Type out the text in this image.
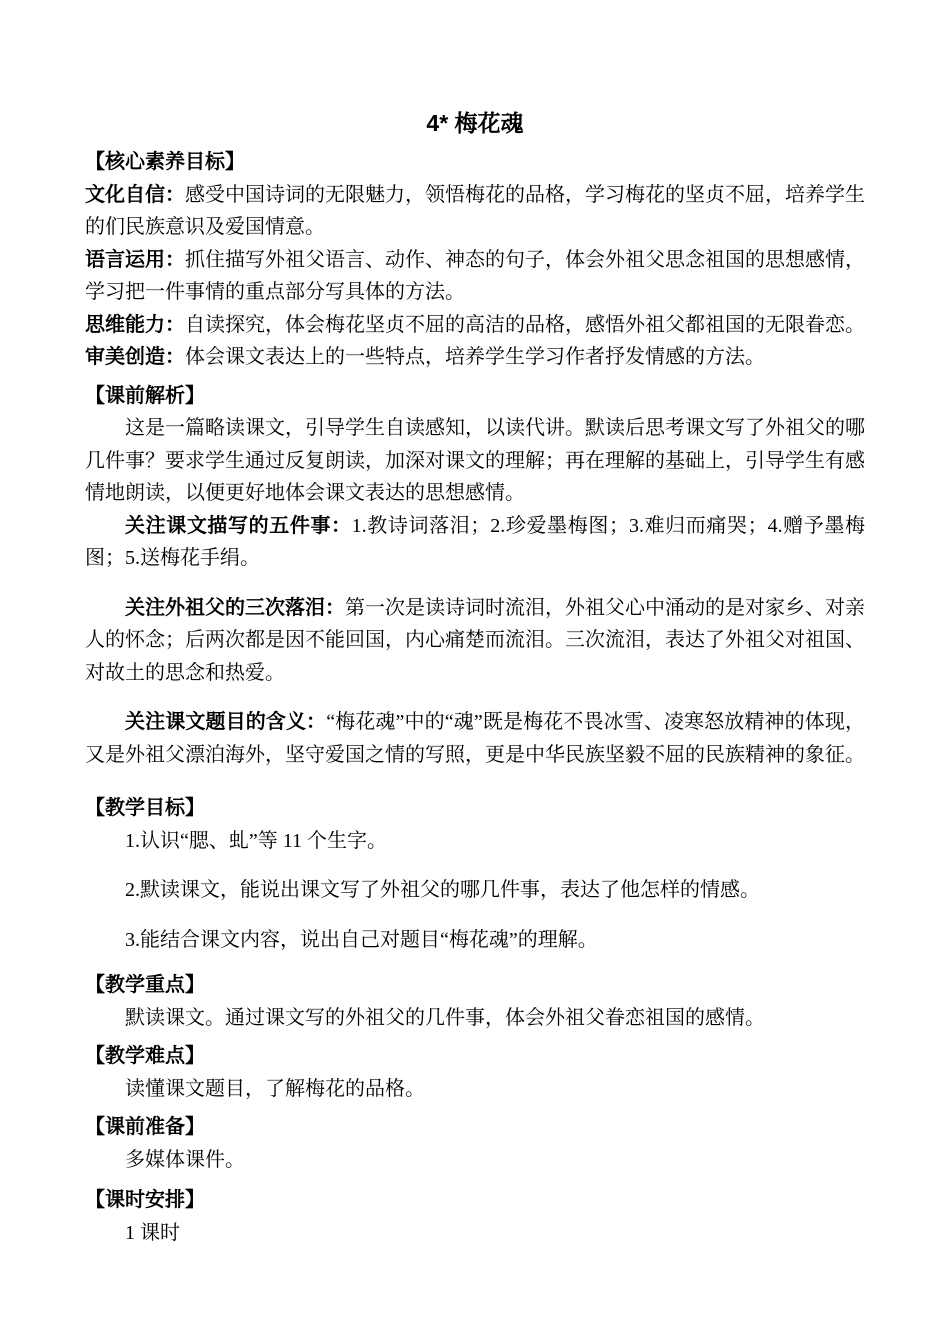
4* 梅花魂
【核心素养目标】

文化自信：感受中国诗词的无限魅力，领悟梅花的品格，学习梅花的坚贞不屈，培养学生的们民族意识及爱国情意。

语言运用：抓住描写外祖父语言、动作、神态的句子，体会外祖父思念祖国的思想感情，学习把一件事情的重点部分写具体的方法。

思维能力：自读探究，体会梅花坚贞不屈的高洁的品格，感悟外祖父都祖国的无限眷恋。

审美创造：体会课文表达上的一些特点，培养学生学习作者抒发情感的方法。

【课前解析】

这是一篇略读课文，引导学生自读感知，以读代讲。默读后思考课文写了外祖父的哪几件事？要求学生通过反复朗读，加深对课文的理解；再在理解的基础上，引导学生有感情地朗读，以便更好地体会课文表达的思想感情。

关注课文描写的五件事：1.教诗词落泪；2.珍爱墨梅图；3.难归而痛哭；4.赠予墨梅图；5.送梅花手绢。

关注外祖父的三次落泪：第一次是读诗词时流泪，外祖父心中涌动的是对家乡、对亲人的怀念；后两次都是因不能回国，内心痛楚而流泪。三次流泪，表达了外祖父对祖国、对故土的思念和热爱。

关注课文题目的含义：“梅花魂”中的“魂”既是梅花不畏冰雪、凌寒怒放精神的体现，又是外祖父漂泊海外，坚守爱国之情的写照，更是中华民族坚毅不屈的民族精神的象征。

【教学目标】

1.认识“腮、虬”等 11 个生字。

2.默读课文，能说出课文写了外祖父的哪几件事，表达了他怎样的情感。

3.能结合课文内容，说出自己对题目“梅花魂”的理解。

【教学重点】

默读课文。通过课文写的外祖父的几件事，体会外祖父眷恋祖国的感情。

【教学难点】

读懂课文题目，了解梅花的品格。

【课前准备】

多媒体课件。

【课时安排】

1 课时
